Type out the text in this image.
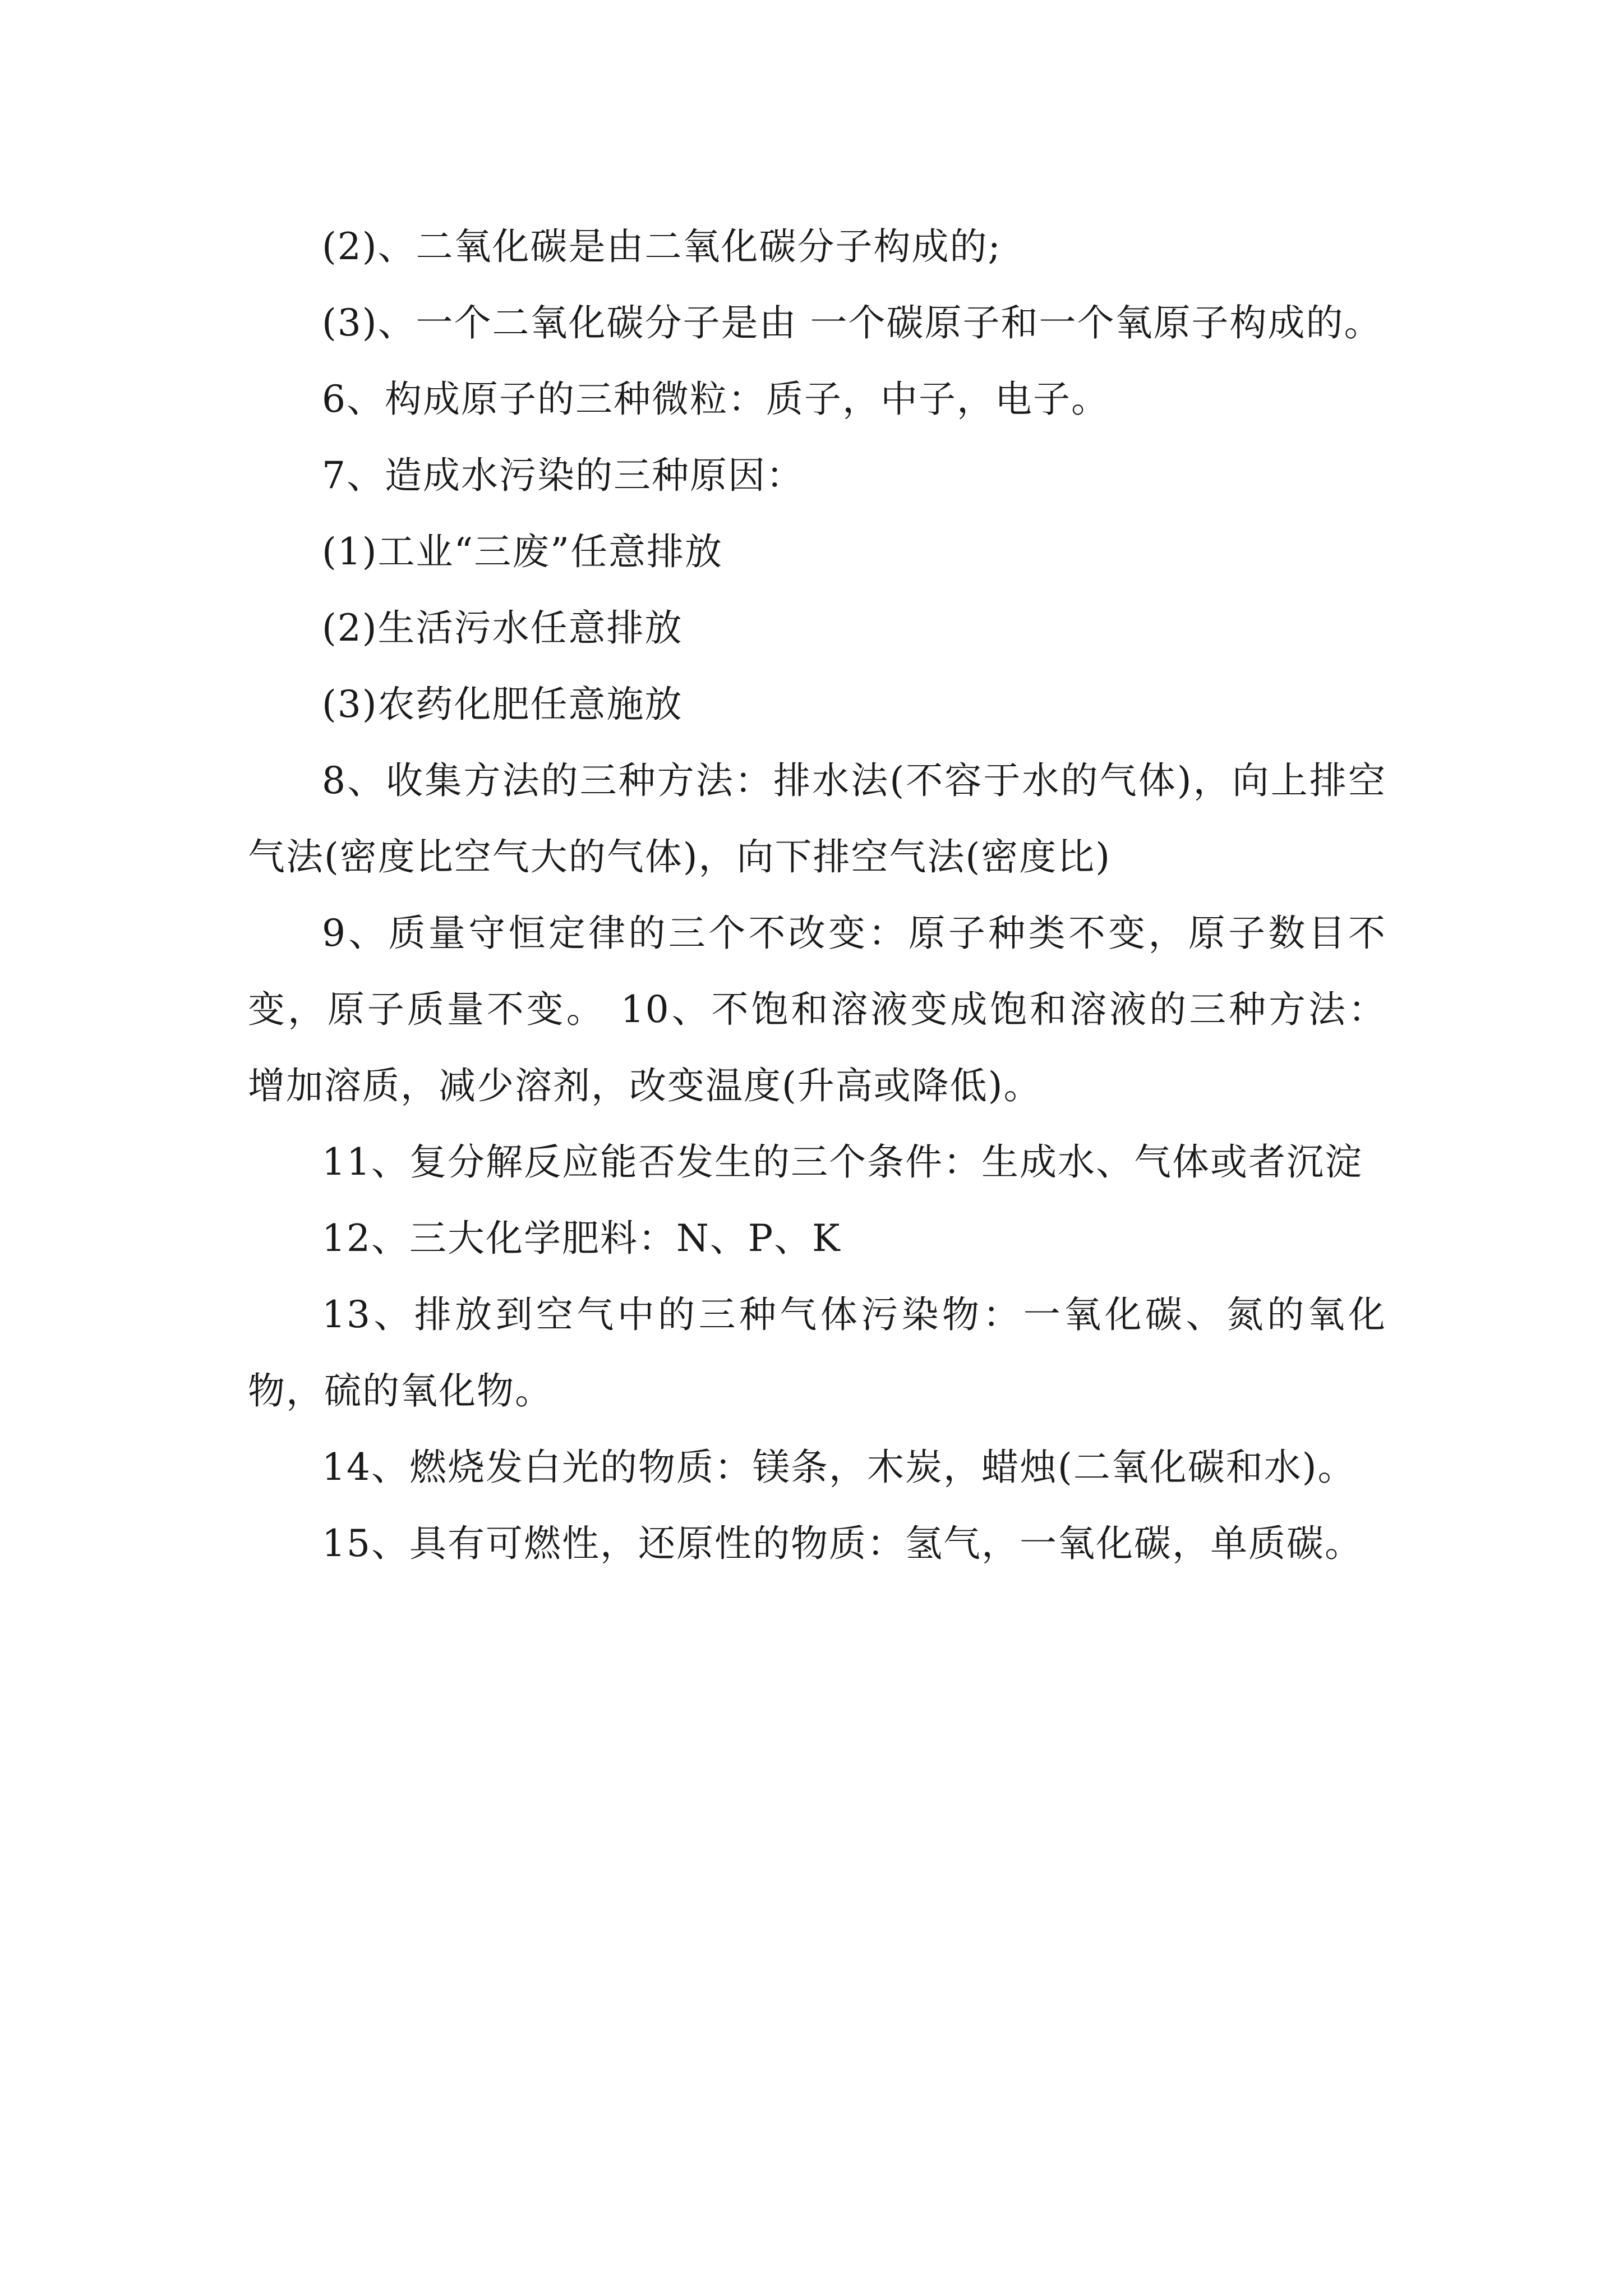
(2)、二氧化碳是由二氧化碳分子构成的;

(3)、一个二氧化碳分子是由 一个碳原子和一个氧原子构成的。

6、构成原子的三种微粒：质子，中子，电子。

7、造成水污染的三种原因：

(1)工业“三废”任意排放

(2)生活污水任意排放

(3)农药化肥任意施放

8、收集方法的三种方法：排水法(不容于水的气体)，向上排空气法(密度比空气大的气体)，向下排空气法(密度比)

9、质量守恒定律的三个不改变：原子种类不变，原子数目不变，原子质量不变。 10、不饱和溶液变成饱和溶液的三种方法： 增加溶质，减少溶剂，改变温度(升高或降低)。

11、复分解反应能否发生的三个条件：生成水、气体或者沉淀

12、三大化学肥料：N、P、K

13、排放到空气中的三种气体污染物：一氧化碳、氮的氧化物，硫的氧化物。

14、燃烧发白光的物质：镁条，木炭，蜡烛(二氧化碳和水)。

15、具有可燃性，还原性的物质：氢气，一氧化碳，单质碳。
